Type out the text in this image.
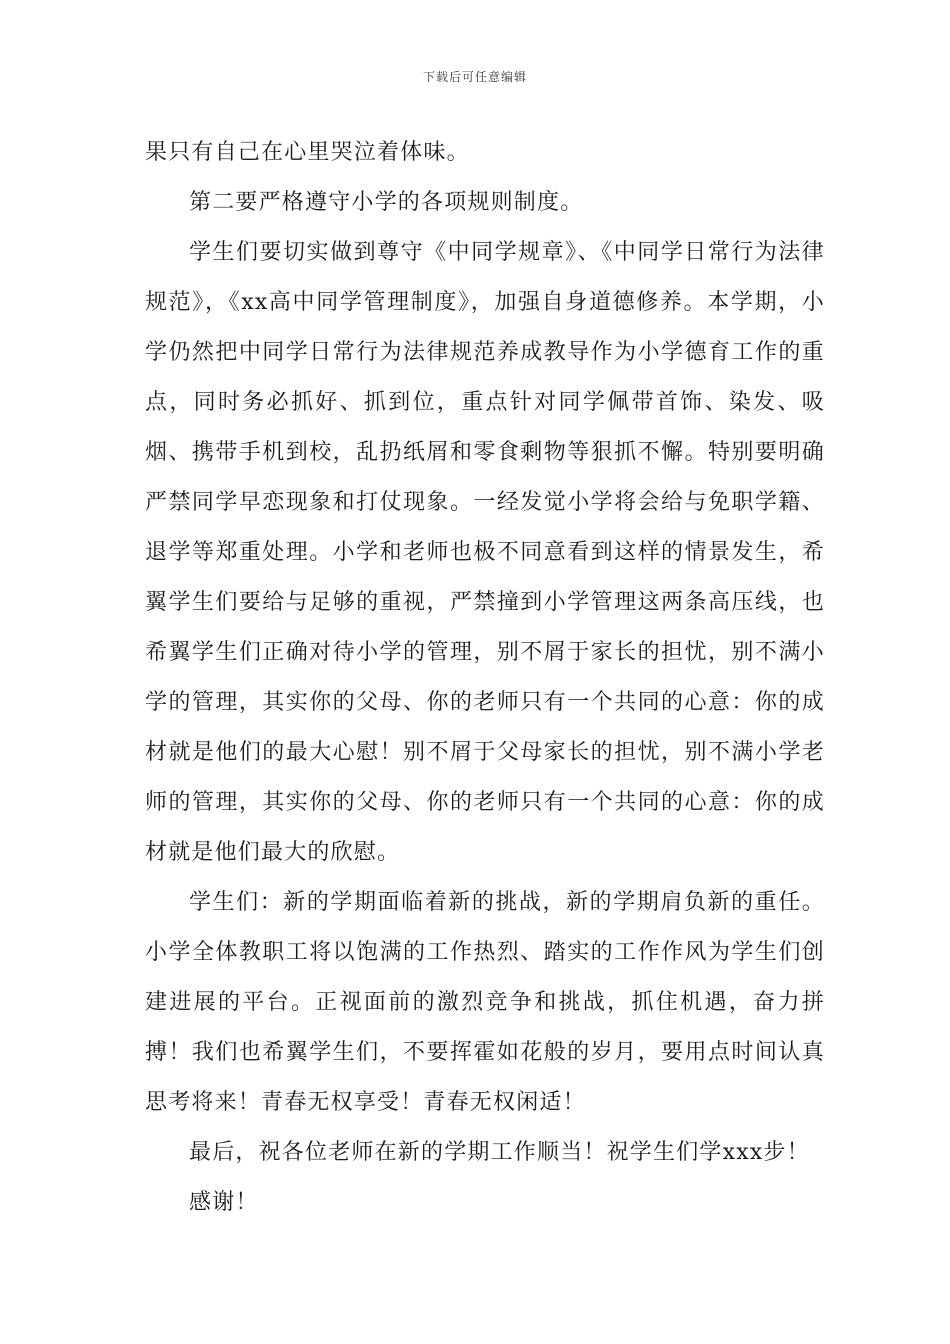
下载后可任意编辑

果只有自己在心里哭泣着体味。

第二要严格遵守小学的各项规则制度。

学生们要切实做到尊守《中同学规章》、《中同学日常行为法律规范》，《xx高中同学管理制度》，加强自身道德修养。本学期，小学仍然把中同学日常行为法律规范养成教导作为小学德育工作的重点，同时务必抓好、抓到位，重点针对同学佩带首饰、染发、吸烟、携带手机到校，乱扔纸屑和零食剩物等狠抓不懈。特别要明确严禁同学早恋现象和打仗现象。一经发觉小学将会给与免职学籍、退学等郑重处理。小学和老师也极不同意看到这样的情景发生，希翼学生们要给与足够的重视，严禁撞到小学管理这两条高压线，也希翼学生们正确对待小学的管理，别不屑于家长的担忧，别不满小学的管理，其实你的父母、你的老师只有一个共同的心意：你的成材就是他们的最大心慰！别不屑于父母家长的担忧，别不满小学老师的管理，其实你的父母、你的老师只有一个共同的心意：你的成材就是他们最大的欣慰。

学生们：新的学期面临着新的挑战，新的学期肩负新的重任。小学全体教职工将以饱满的工作热烈、踏实的工作作风为学生们创建进展的平台。正视面前的激烈竞争和挑战，抓住机遇，奋力拼搏！我们也希翼学生们，不要挥霍如花般的岁月，要用点时间认真思考将来！青春无权享受！青春无权闲适！

最后，祝各位老师在新的学期工作顺当！祝学生们学xxx步！

感谢！
